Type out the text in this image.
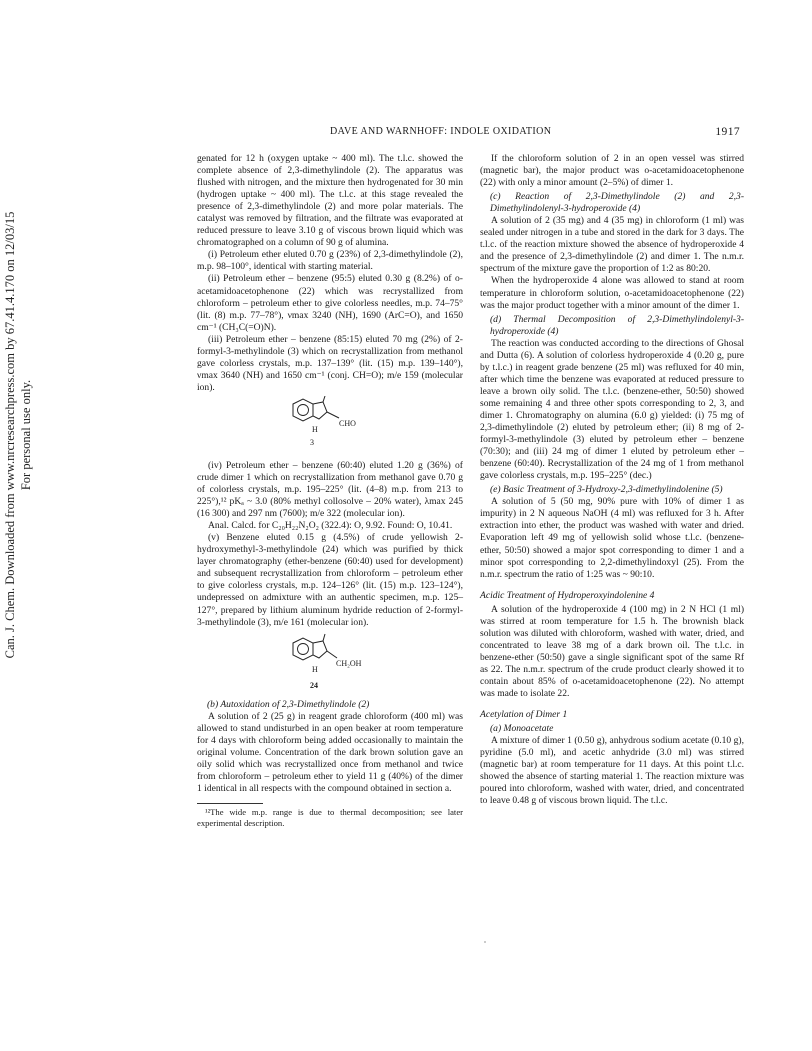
Can. J. Chem. Downloaded from www.nrcresearchpress.com by 67.41.4.170 on 12/03/15 For personal use only.
DAVE AND WARNHOFF: INDOLE OXIDATION	1917

genated for 12 h (oxygen uptake ~ 400 ml). The t.l.c. showed the complete absence of 2,3-dimethylindole (2). The apparatus was flushed with nitrogen, and the mixture then hydrogenated for 30 min (hydrogen uptake ~ 400 ml). The t.l.c. at this stage revealed the presence of 2,3-dimethylindole (2) and more polar materials. The catalyst was removed by filtration, and the filtrate was evaporated at reduced pressure to leave 3.10 g of viscous brown liquid which was chromatographed on a column of 90 g of alumina.

(i) Petroleum ether eluted 0.70 g (23%) of 2,3-dimethylindole (2), m.p. 98–100°, identical with starting material.

(ii) Petroleum ether – benzene (95:5) eluted 0.30 g (8.2%) of o-acetamidoacetophenone (22) which was recrystallized from chloroform – petroleum ether to give colorless needles, m.p. 74–75° (lit. (8) m.p. 77–78°), νmax 3240 (NH), 1690 (ArC=O), and 1650 cm⁻¹ (CH₃C(=O)N).

(iii) Petroleum ether – benzene (85:15) eluted 70 mg (2%) of 2-formyl-3-methylindole (3) which on recrystallization from methanol gave colorless crystals, m.p. 137–139° (lit. (15) m.p. 139–140°), νmax 3640 (NH) and 1650 cm⁻¹ (conj. CH=O); m/e 159 (molecular ion).

CHO
H
3

(iv) Petroleum ether – benzene (60:40) eluted 1.20 g (36%) of crude dimer 1 which on recrystallization from methanol gave 0.70 g of colorless crystals, m.p. 195–225° (lit. (4–8) m.p. from 213 to 225°),¹² pKₐ ~ 3.0 (80% methyl collosolve – 20% water), λmax 245 (16 300) and 297 nm (7600); m/e 322 (molecular ion).

Anal. Calcd. for C₂₀H₂₂N₂O₂ (322.4): O, 9.92. Found: O, 10.41.

(v) Benzene eluted 0.15 g (4.5%) of crude yellowish 2-hydroxymethyl-3-methylindole (24) which was purified by thick layer chromatography (ether-benzene (60:40) used for development) and subsequent recrystallization from chloroform – petroleum ether to give colorless crystals, m.p. 124–126° (lit. (15) m.p. 123–124°), undepressed on admixture with an authentic specimen, m.p. 125–127°, prepared by lithium aluminum hydride reduction of 2-formyl-3-methylindole (3), m/e 161 (molecular ion).

CH₂OH
H
24
(b) Autoxidation of 2,3-Dimethylindole (2)

A solution of 2 (25 g) in reagent grade chloroform (400 ml) was allowed to stand undisturbed in an open beaker at room temperature for 4 days with chloroform being added occasionally to maintain the original volume. Concentration of the dark brown solution gave an oily solid which was recrystallized once from methanol and twice from chloroform – petroleum ether to yield 11 g (40%) of the dimer 1 identical in all respects with the compound obtained in section a.

¹²The wide m.p. range is due to thermal decomposition; see later experimental description.

If the chloroform solution of 2 in an open vessel was stirred (magnetic bar), the major product was o-acetamidoacetophenone (22) with only a minor amount (2–5%) of dimer 1.

(c) Reaction of 2,3-Dimethylindole (2) and 2,3-Dimethylindolenyl-3-hydroperoxide (4)

A solution of 2 (35 mg) and 4 (35 mg) in chloroform (1 ml) was sealed under nitrogen in a tube and stored in the dark for 3 days. The t.l.c. of the reaction mixture showed the absence of hydroperoxide 4 and the presence of 2,3-dimethylindole (2) and dimer 1. The n.m.r. spectrum of the mixture gave the proportion of 1:2 as 80:20.

When the hydroperoxide 4 alone was allowed to stand at room temperature in chloroform solution, o-acetamidoacetophenone (22) was the major product together with a minor amount of the dimer 1.

(d) Thermal Decomposition of 2,3-Dimethylindolenyl-3-hydroperoxide (4)

The reaction was conducted according to the directions of Ghosal and Dutta (6). A solution of colorless hydroperoxide 4 (0.20 g, pure by t.l.c.) in reagent grade benzene (25 ml) was refluxed for 40 min, after which time the benzene was evaporated at reduced pressure to leave a brown oily solid. The t.l.c. (benzene-ether, 50:50) showed some remaining 4 and three other spots corresponding to 2, 3, and dimer 1. Chromatography on alumina (6.0 g) yielded: (i) 75 mg of 2,3-dimethylindole (2) eluted by petroleum ether; (ii) 8 mg of 2-formyl-3-methylindole (3) eluted by petroleum ether – benzene (70:30); and (iii) 24 mg of dimer 1 eluted by petroleum ether – benzene (60:40). Recrystallization of the 24 mg of 1 from methanol gave colorless crystals, m.p. 195–225° (dec.)

(e) Basic Treatment of 3-Hydroxy-2,3-dimethylindolenine (5)

A solution of 5 (50 mg, 90% pure with 10% of dimer 1 as impurity) in 2 N aqueous NaOH (4 ml) was refluxed for 3 h. After extraction into ether, the product was washed with water and dried. Evaporation left 49 mg of yellowish solid whose t.l.c. (benzene-ether, 50:50) showed a major spot corresponding to dimer 1 and a minor spot corresponding to 2,2-dimethylindoxyl (25). From the n.m.r. spectrum the ratio of 1:25 was ~ 90:10.

Acidic Treatment of Hydroperoxyindolenine 4

A solution of the hydroperoxide 4 (100 mg) in 2 N HCl (1 ml) was stirred at room temperature for 1.5 h. The brownish black solution was diluted with chloroform, washed with water, dried, and concentrated to leave 38 mg of a dark brown oil. The t.l.c. in benzene-ether (50:50) gave a single significant spot of the same Rf as 22. The n.m.r. spectrum of the crude product clearly showed it to contain about 85% of o-acetamidoacetophenone (22). No attempt was made to isolate 22.

Acetylation of Dimer 1
(a) Monoacetate

A mixture of dimer 1 (0.50 g), anhydrous sodium acetate (0.10 g), pyridine (5.0 ml), and acetic anhydride (3.0 ml) was stirred (magnetic bar) at room temperature for 11 days. At this point t.l.c. showed the absence of starting material 1. The reaction mixture was poured into chloroform, washed with water, dried, and concentrated to leave 0.48 g of viscous brown liquid. The t.l.c.
